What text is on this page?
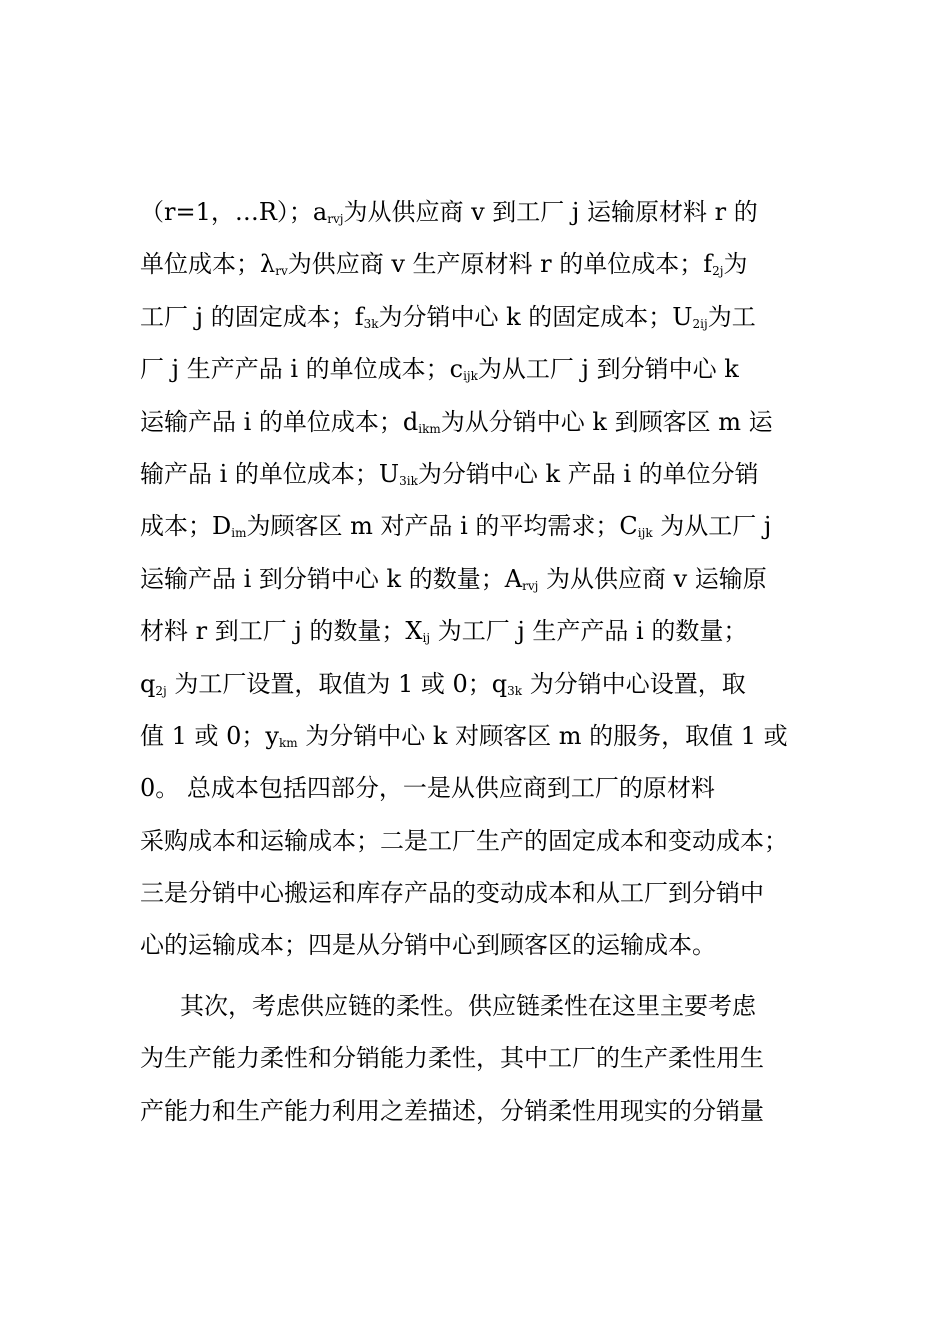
（r=1，…R）；$a_{rvj}$为从供应商 v 到工厂 j 运输原材料 r 的
单位成本；$\lambda_{rv}$为供应商 v 生产原材料 r 的单位成本；$f_{2j}$为
工厂 j 的固定成本；$f_{3k}$为分销中心 k 的固定成本；$U_{2ij}$为工
厂 j 生产产品 i 的单位成本；$c_{ijk}$为从工厂 j 到分销中心 k
运输产品 i 的单位成本；$d_{ikm}$为从分销中心 k 到顾客区 m 运
输产品 i 的单位成本；$U_{3ik}$为分销中心 k 产品 i 的单位分销
成本；$D_{im}$为顾客区 m 对产品 i 的平均需求；$C_{ijk}$ 为从工厂 j
运输产品 i 到分销中心 k 的数量；$A_{rvj}$ 为从供应商 v 运输原
材料 r 到工厂 j 的数量；$X_{ij}$ 为工厂 j 生产产品 i 的数量；
$q_{2j}$ 为工厂设置，取值为 1 或 0；$q_{3k}$ 为分销中心设置，取
值 1 或 0；$y_{km}$ 为分销中心 k 对顾客区 m 的服务，取值 1 或
0。 总成本包括四部分，一是从供应商到工厂的原材料
采购成本和运输成本；二是工厂生产的固定成本和变动成本；
三是分销中心搬运和库存产品的变动成本和从工厂到分销中
心的运输成本；四是从分销中心到顾客区的运输成本。
其次，考虑供应链的柔性。供应链柔性在这里主要考虑
为生产能力柔性和分销能力柔性，其中工厂的生产柔性用生
产能力和生产能力利用之差描述，分销柔性用现实的分销量
